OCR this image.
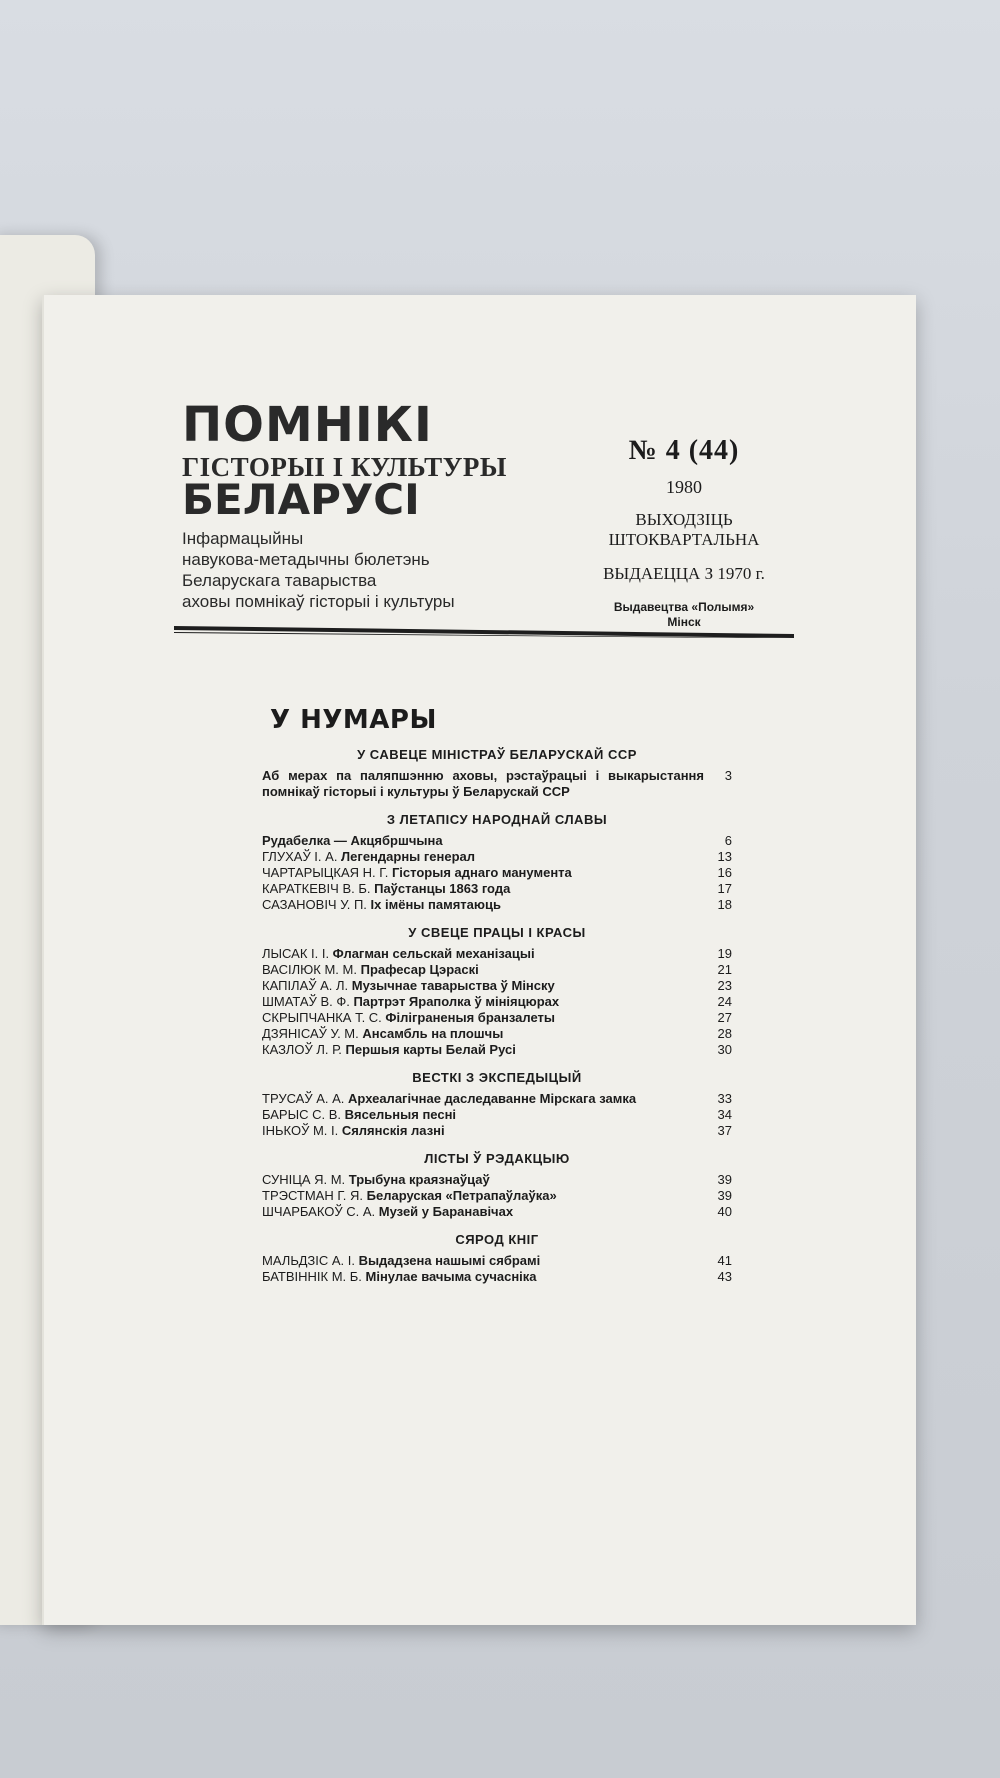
ПОМНІКІ
ГІСТОРЫІ І КУЛЬТУРЫ
БЕЛАРУСІ
Інфармацыйны
навукова-метадычны бюлетэнь
Беларускага таварыства
аховы помнікаў гісторыі і культуры
№ 4 (44)
1980
ВЫХОДЗІЦЬ
ШТОКВАРТАЛЬНА
ВЫДАЕЦЦА З 1970 г.
Выдавецтва «Полымя»
Мінск
У НУМАРЫ
У САВЕЦЕ МІНІСТРАЎ БЕЛАРУСКАЙ ССР
Аб мерах па паляпшэнню аховы, рэстаўрацыі і выкарыстання помнікаў гісторыі і культуры ў Беларускай ССР
3
З ЛЕТАПІСУ НАРОДНАЙ СЛАВЫ
Рудабелка — Акцябршчына	6
ГЛУХАЎ І. А. Легендарны генерал	13
ЧАРТАРЫЦКАЯ Н. Г. Гісторыя аднаго манумента	16
КАРАТКЕВІЧ В. Б. Паўстанцы 1863 года	17
САЗАНОВІЧ У. П. Іх імёны памятаюць	18
У СВЕЦЕ ПРАЦЫ І КРАСЫ
ЛЫСАК І. І. Флагман сельскай механізацыі	19
ВАСІЛЮК М. М. Прафесар Цэраскі	21
КАПІЛАЎ А. Л. Музычнае таварыства ў Мінску	23
ШМАТАЎ В. Ф. Партрэт Яраполка ў мініяцюрах	24
СКРЫПЧАНКА Т. С. Філіграненыя бранзалеты	27
ДЗЯНІСАЎ У. М. Ансамбль на плошчы	28
КАЗЛОЎ Л. Р. Першыя карты Белай Русі	30
ВЕСТКІ З ЭКСПЕДЫЦЫЙ
ТРУСАЎ А. А. Археалагічнае даследаванне Мірскага замка	33
БАРЫС С. В. Вясельныя песні	34
ІНЬКОЎ М. І. Сялянскія лазні	37
ЛІСТЫ Ў РЭДАКЦЫЮ
СУНІЦА Я. М. Трыбуна краязнаўцаў	39
ТРЭСТМАН Г. Я. Беларуская «Петрапаўлаўка»	39
ШЧАРБАКОЎ С. А. Музей у Баранавічах	40
СЯРОД КНІГ
МАЛЬДЗІС А. І. Выдадзена нашымі сябрамі	41
БАТВІННІК М. Б. Мінулае вачыма сучасніка	43
